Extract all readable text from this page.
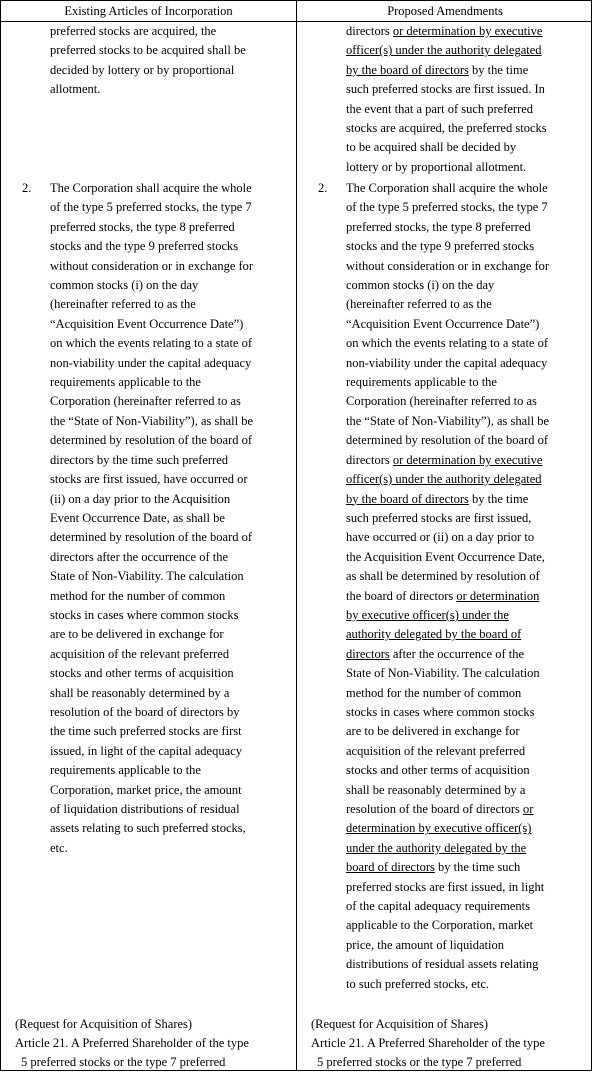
Existing Articles of Incorporation	Proposed Amendments
preferred stocks are acquired, the
preferred stocks to be acquired shall be
decided by lottery or by proportional
allotment.
2. The Corporation shall acquire the whole
of the type 5 preferred stocks, the type 7
preferred stocks, the type 8 preferred
stocks and the type 9 preferred stocks
without consideration or in exchange for
common stocks (i) on the day
(hereinafter referred to as the
“Acquisition Event Occurrence Date”)
on which the events relating to a state of
non-viability under the capital adequacy
requirements applicable to the
Corporation (hereinafter referred to as
the “State of Non-Viability”), as shall be
determined by resolution of the board of
directors by the time such preferred
stocks are first issued, have occurred or
(ii) on a day prior to the Acquisition
Event Occurrence Date, as shall be
determined by resolution of the board of
directors after the occurrence of the
State of Non-Viability. The calculation
method for the number of common
stocks in cases where common stocks
are to be delivered in exchange for
acquisition of the relevant preferred
stocks and other terms of acquisition
shall be reasonably determined by a
resolution of the board of directors by
the time such preferred stocks are first
issued, in light of the capital adequacy
requirements applicable to the
Corporation, market price, the amount
of liquidation distributions of residual
assets relating to such preferred stocks,
etc.
(Request for Acquisition of Shares)
Article 21. A Preferred Shareholder of the type
5 preferred stocks or the type 7 preferred
directors or determination by executive
officer(s) under the authority delegated
by the board of directors by the time
such preferred stocks are first issued. In
the event that a part of such preferred
stocks are acquired, the preferred stocks
to be acquired shall be decided by
lottery or by proportional allotment.
2. The Corporation shall acquire the whole
of the type 5 preferred stocks, the type 7
preferred stocks, the type 8 preferred
stocks and the type 9 preferred stocks
without consideration or in exchange for
common stocks (i) on the day
(hereinafter referred to as the
“Acquisition Event Occurrence Date”)
on which the events relating to a state of
non-viability under the capital adequacy
requirements applicable to the
Corporation (hereinafter referred to as
the “State of Non-Viability”), as shall be
determined by resolution of the board of
directors or determination by executive
officer(s) under the authority delegated
by the board of directors by the time
such preferred stocks are first issued,
have occurred or (ii) on a day prior to
the Acquisition Event Occurrence Date,
as shall be determined by resolution of
the board of directors or determination
by executive officer(s) under the
authority delegated by the board of
directors after the occurrence of the
State of Non-Viability. The calculation
method for the number of common
stocks in cases where common stocks
are to be delivered in exchange for
acquisition of the relevant preferred
stocks and other terms of acquisition
shall be reasonably determined by a
resolution of the board of directors or
determination by executive officer(s)
under the authority delegated by the
board of directors by the time such
preferred stocks are first issued, in light
of the capital adequacy requirements
applicable to the Corporation, market
price, the amount of liquidation
distributions of residual assets relating
to such preferred stocks, etc.
(Request for Acquisition of Shares)
Article 21. A Preferred Shareholder of the type
5 preferred stocks or the type 7 preferred
